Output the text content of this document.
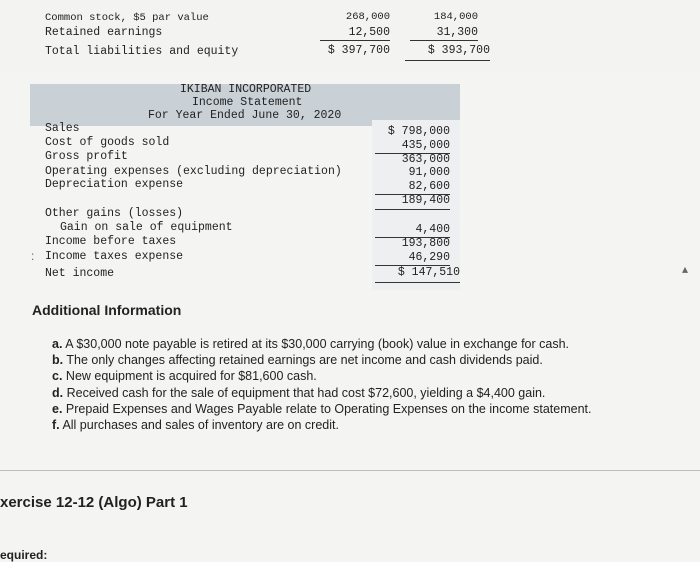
Common stock, $5 par value	268,000	184,000
Retained earnings	12,500	31,300
Total liabilities and equity	$ 397,700	$ 393,700
IKIBAN INCORPORATED
Income Statement
For Year Ended June 30, 2020
Sales	$ 798,000
Cost of goods sold	435,000
Gross profit	363,000
Operating expenses (excluding depreciation)	91,000
Depreciation expense	82,600
189,400
Other gains (losses)
Gain on sale of equipment	4,400
Income before taxes	193,800
: Income taxes expense	46,290
Net income	$ 147,510	▴
Additional Information
a. A $30,000 note payable is retired at its $30,000 carrying (book) value in exchange for cash.
b. The only changes affecting retained earnings are net income and cash dividends paid.
c. New equipment is acquired for $81,600 cash.
d. Received cash for the sale of equipment that had cost $72,600, yielding a $4,400 gain.
e. Prepaid Expenses and Wages Payable relate to Operating Expenses on the income statement.
f. All purchases and sales of inventory are on credit.
xercise 12-12 (Algo) Part 1
equired:
